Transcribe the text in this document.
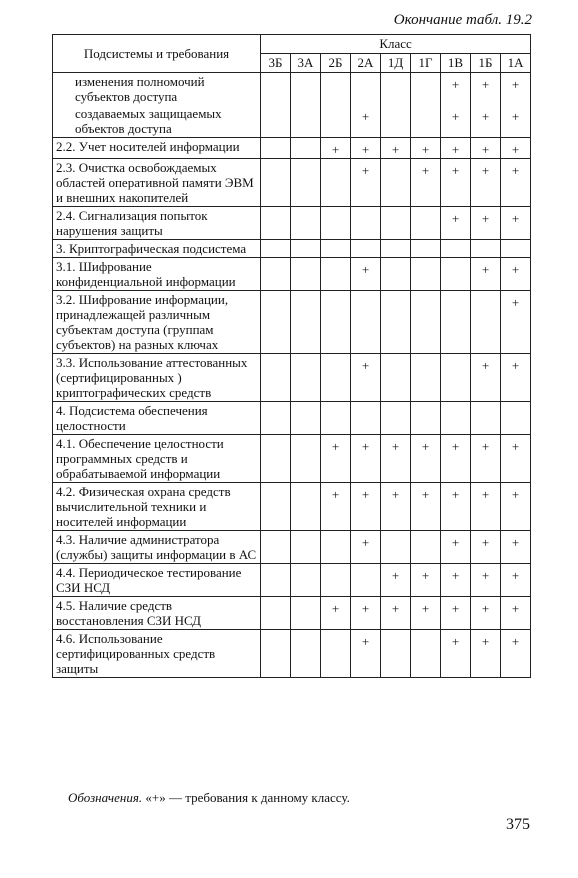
Окончание табл. 19.2
Подсистемы и требования	Класс								
	3Б	3А	2Б	2А	1Д	1Г	1В	1Б	1А
изменения полномочий субъектов доступа							+	+	+
создаваемых защищаемых объектов доступа				+			+	+	+
2.2. Учет носителей информации			+	+	+	+	+	+	+
2.3. Очистка освобождаемых областей оперативной памяти ЭВМ и внешних накопителей				+		+	+	+	+
2.4. Сигнализация попыток нарушения защиты							+	+	+
3. Криптографическая подсистема									
3.1. Шифрование конфиденциальной информации				+				+	+
3.2. Шифрование информации, принадлежащей различным субъектам доступа (группам субъектов) на разных ключах									+
3.3. Использование аттестованных (сертифицированных ) криптографических средств				+				+	+
4. Подсистема обеспечения целостности									
4.1. Обеспечение целостности программных средств и обрабатываемой информации			+	+	+	+	+	+	+
4.2. Физическая охрана средств вычислительной техники и носителей информации			+	+	+	+	+	+	+
4.3. Наличие администратора (службы) защиты информации в АС				+			+	+	+
4.4. Периодическое тестирование СЗИ НСД					+	+	+	+	+
4.5. Наличие средств восстановления СЗИ НСД			+	+	+	+	+	+	+
4.6. Использование сертифицированных средств защиты				+			+	+	+
Обозначения. «+» — требования к данному классу.
375
